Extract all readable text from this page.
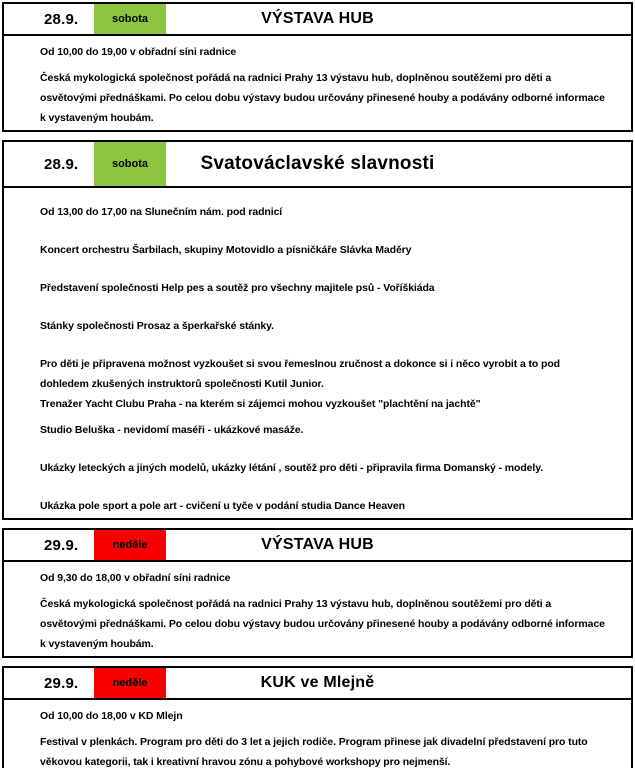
28.9.	sobota	VÝSTAVA HUB

Od 10,00 do 19,00 v obřadní síni radnice

Česká mykologická společnost pořádá na radnici Prahy 13 výstavu hub, doplněnou soutěžemi pro děti a osvětovými přednáškami. Po celou dobu výstavy budou určovány přinesené houby a podávány odborné informace k vystaveným houbám.

28.9.	sobota	Svatováclavské slavnosti

Od 13,00 do 17,00 na Slunečním nám. pod radnicí

Koncert orchestru Šarbilach, skupiny Motovidlo a písničkáře Slávka Maděry

Představení společnosti Help pes a soutěž pro všechny majitele psů - Voříškiáda

Stánky společnosti Prosaz a šperkařské stánky.

Pro děti je připravena možnost vyzkoušet si svou řemeslnou zručnost a dokonce si i něco vyrobit a to pod dohledem zkušených instruktorů společnosti Kutil Junior.

Trenažer Yacht Clubu Praha - na kterém si zájemci mohou vyzkoušet "plachtění na jachtě"

Studio Beluška - nevidomí maséři - ukázkové masáže.

Ukázky leteckých a jiných modelů, ukázky létání , soutěž pro děti - připravila firma Domanský - modely.

Ukázka pole sport a pole art - cvičení u tyče v podání studia Dance Heaven

29.9.	neděle	VÝSTAVA HUB

Od 9,30 do 18,00 v obřadní síni radnice

Česká mykologická společnost pořádá na radnici Prahy 13 výstavu hub, doplněnou soutěžemi pro děti a osvětovými přednáškami. Po celou dobu výstavy budou určovány přinesené houby a podávány odborné informace k vystaveným houbám.

29.9.	neděle	KUK ve Mlejně

Od 10,00 do 18,00 v KD Mlejn

Festival v plenkách. Program pro děti do 3 let a jejich rodiče. Program přinese jak divadelní představení pro tuto věkovou kategorii, tak i kreativní hravou zónu a pohybové workshopy pro nejmenší.
